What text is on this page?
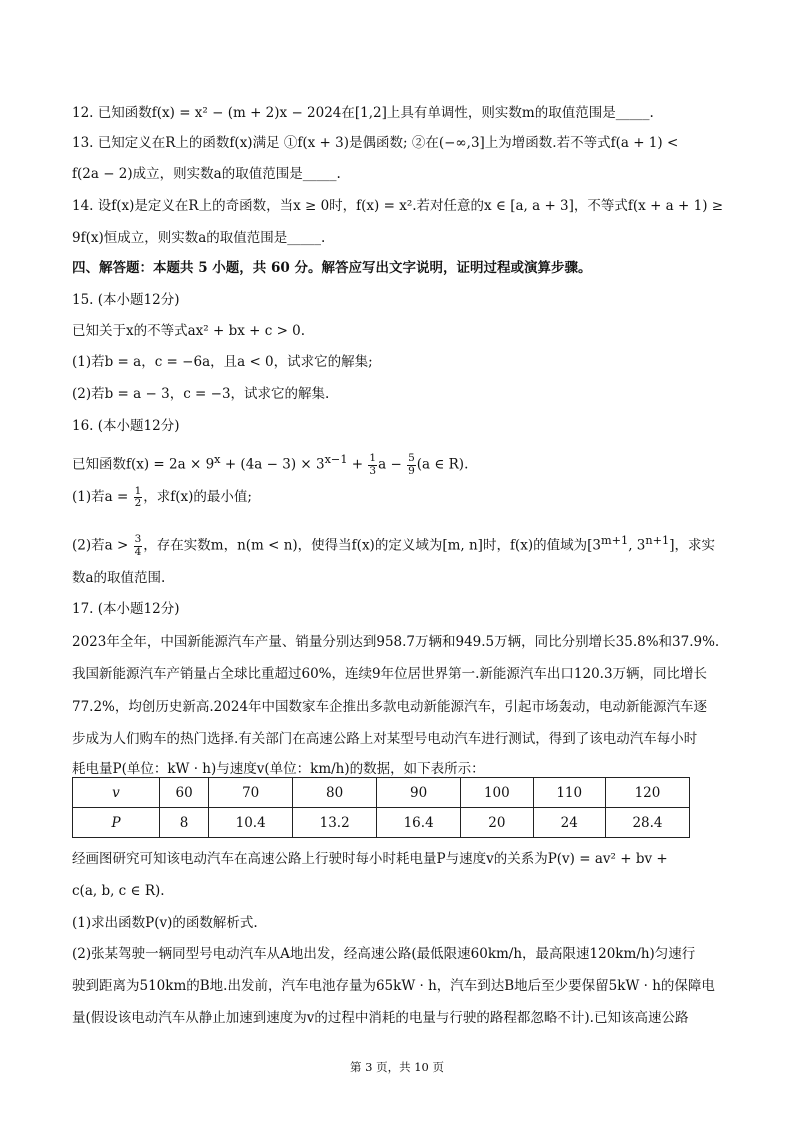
12. 已知函数f(x) = x² − (m + 2)x − 2024在[1,2]上具有单调性，则实数m的取值范围是_____.
13. 已知定义在R上的函数f(x)满足 ①f(x + 3)是偶函数; ②在(−∞,3]上为增函数.若不等式f(a + 1) <
f(2a − 2)成立，则实数a的取值范围是_____.
14. 设f(x)是定义在R上的奇函数，当x ≥ 0时，f(x) = x².若对任意的x ∈ [a, a + 3]，不等式f(x + a + 1) ≥
9f(x)恒成立，则实数a的取值范围是_____.
四、解答题：本题共 5 小题，共 60 分。解答应写出文字说明，证明过程或演算步骤。
15. (本小题12分)
已知关于x的不等式ax² + bx + c > 0.
(1)若b = a，c = −6a，且a < 0，试求它的解集;
(2)若b = a − 3，c = −3，试求它的解集.
16. (本小题12分)
已知函数$f(x) = 2a \times 9^x + (4a - 3) \times 3^{x-1} + \frac{1}{3}$ $a - \frac{5}{9} (a$ ∈ R).
(1)若$a = \frac{1}{2}$ ，求f(x)的最小值;
(2)若$a > \frac{3}{4}$ ，存在实数m，n(m < n)，使得当f(x)的定义域为[m, n]时，f(x)的值域为[$3^{m+1}$, $3^{n+1}$]，求实
数a的取值范围.
17. (本小题12分)
2023年全年，中国新能源汽车产量、销量分别达到958.7万辆和949.5万辆，同比分别增长35.8%和37.9%.
我国新能源汽车产销量占全球比重超过60%，连续9年位居世界第一.新能源汽车出口120.3万辆，同比增长
77.2%，均创历史新高.2024年中国数家车企推出多款电动新能源汽车，引起市场轰动，电动新能源汽车逐
步成为人们购车的热门选择.有关部门在高速公路上对某型号电动汽车进行测试，得到了该电动汽车每小时
耗电量P(单位：kW · h)与速度v(单位：km/h)的数据，如下表所示：
v	60	70	80	90	100	110	120
P	8	10.4	13.2	16.4	20	24	28.4
经画图研究可知该电动汽车在高速公路上行驶时每小时耗电量P与速度v的关系为P(v) = av² + bv +
c(a, b, c ∈ R).
(1)求出函数P(v)的函数解析式.
(2)张某驾驶一辆同型号电动汽车从A地出发，经高速公路(最低限速60km/h，最高限速120km/h)匀速行
驶到距离为510km的B地.出发前，汽车电池存量为65kW · h，汽车到达B地后至少要保留5kW · h的保障电
量(假设该电动汽车从静止加速到速度为v的过程中消耗的电量与行驶的路程都忽略不计).已知该高速公路
第 3 页，共 10 页
